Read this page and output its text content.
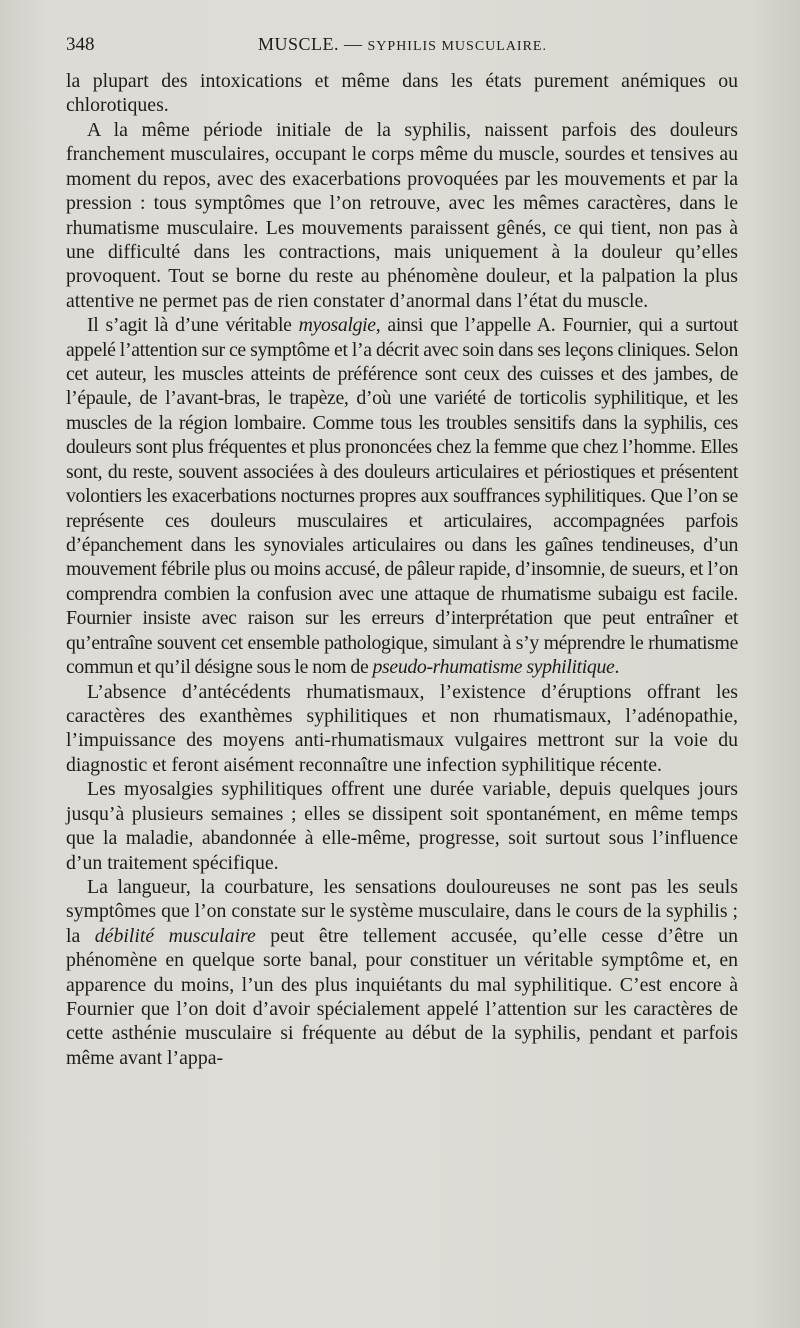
348	MUSCLE. — SYPHILIS MUSCULAIRE.

la plupart des intoxications et même dans les états purement anémiques ou chlorotiques.

A la même période initiale de la syphilis, naissent parfois des douleurs franchement musculaires, occupant le corps même du muscle, sourdes et tensives au moment du repos, avec des exacerbations provoquées par les mouvements et par la pression : tous symptômes que l’on retrouve, avec les mêmes caractères, dans le rhumatisme musculaire. Les mouvements paraissent gênés, ce qui tient, non pas à une difficulté dans les contractions, mais uniquement à la douleur qu’elles provoquent. Tout se borne du reste au phénomène douleur, et la palpation la plus attentive ne permet pas de rien constater d’anormal dans l’état du muscle.

Il s’agit là d’une véritable myosalgie, ainsi que l’appelle A. Fournier, qui a surtout appelé l’attention sur ce symptôme et l’a décrit avec soin dans ses leçons cliniques. Selon cet auteur, les muscles atteints de préférence sont ceux des cuisses et des jambes, de l’épaule, de l’avant-bras, le trapèze, d’où une variété de torticolis syphilitique, et les muscles de la région lombaire. Comme tous les troubles sensitifs dans la syphilis, ces douleurs sont plus fréquentes et plus prononcées chez la femme que chez l’homme. Elles sont, du reste, souvent associées à des douleurs articulaires et périostiques et présentent volontiers les exacerbations nocturnes propres aux souffrances syphilitiques. Que l’on se représente ces douleurs musculaires et articulaires, accompagnées parfois d’épanchement dans les synoviales articulaires ou dans les gaînes tendineuses, d’un mouvement fébrile plus ou moins accusé, de pâleur rapide, d’insomnie, de sueurs, et l’on comprendra combien la confusion avec une attaque de rhumatisme subaigu est facile. Fournier insiste avec raison sur les erreurs d’interprétation que peut entraîner et qu’entraîne souvent cet ensemble pathologique, simulant à s’y méprendre le rhumatisme commun et qu’il désigne sous le nom de pseudo-rhumatisme syphilitique.

L’absence d’antécédents rhumatismaux, l’existence d’éruptions offrant les caractères des exanthèmes syphilitiques et non rhumatismaux, l’adénopathie, l’impuissance des moyens anti-rhumatismaux vulgaires mettront sur la voie du diagnostic et feront aisément reconnaître une infection syphilitique récente.

Les myosalgies syphilitiques offrent une durée variable, depuis quelques jours jusqu’à plusieurs semaines ; elles se dissipent soit spontanément, en même temps que la maladie, abandonnée à elle-même, progresse, soit surtout sous l’influence d’un traitement spécifique.

La langueur, la courbature, les sensations douloureuses ne sont pas les seuls symptômes que l’on constate sur le système musculaire, dans le cours de la syphilis ; la débilité musculaire peut être tellement accusée, qu’elle cesse d’être un phénomène en quelque sorte banal, pour constituer un véritable symptôme et, en apparence du moins, l’un des plus inquiétants du mal syphilitique. C’est encore à Fournier que l’on doit d’avoir spécialement appelé l’attention sur les caractères de cette asthénie musculaire si fréquente au début de la syphilis, pendant et parfois même avant l’appa-
